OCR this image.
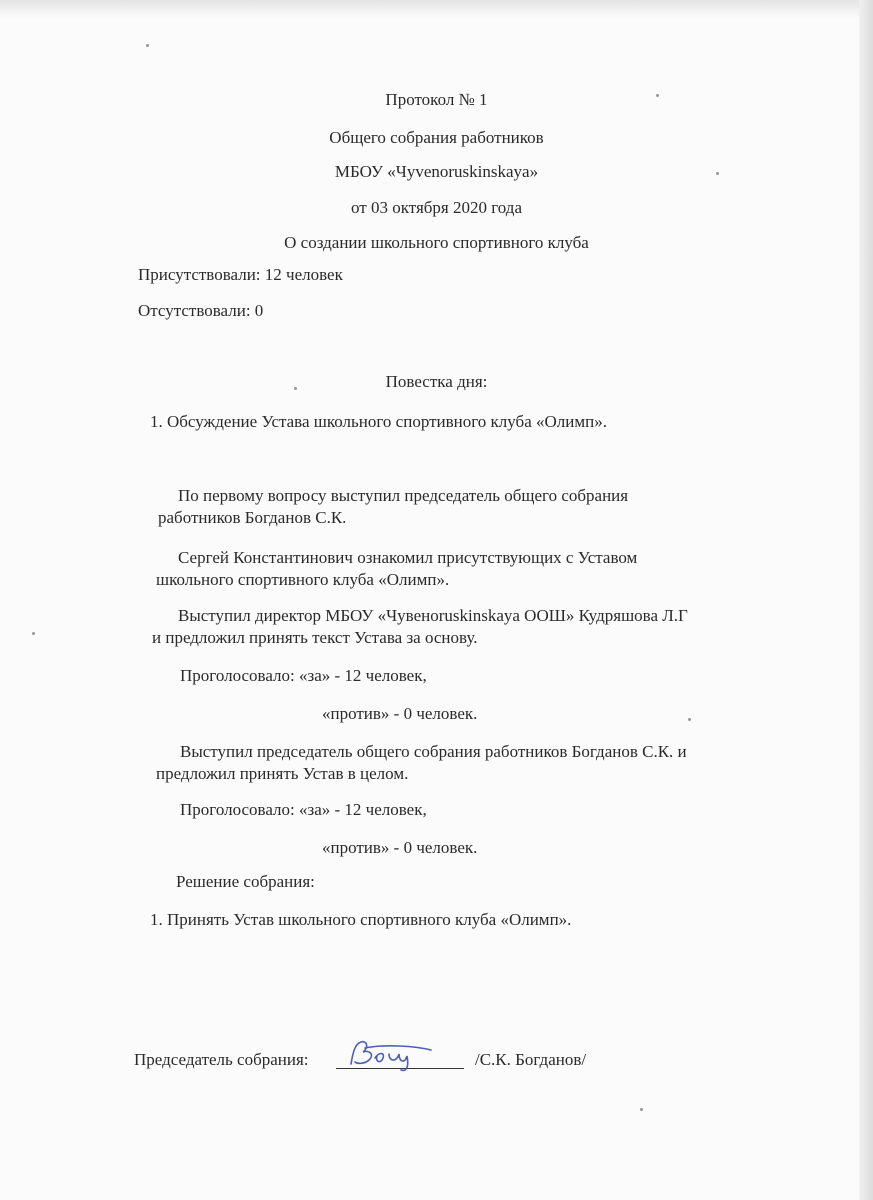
Протокол № 1
Общего собрания работников
МБОУ «Чуvenoruskinskaya»
от 03 октября 2020 года
О создании школьного спортивного клуба
Присутствовали: 12 человек
Отсутствовали: 0
Повестка дня:
1. Обсуждение Устава школьного спортивного клуба «Олимп».
По первому вопросу выступил председатель общего собрания
работников Богданов С.К.
Сергей Константинович ознакомил присутствующих с Уставом
школьного спортивного клуба «Олимп».
Выступил директор МБОУ «Чувеноruskinskaya ООШ» Кудряшова Л.Г
и предложил принять текст Устава за основу.
Проголосовало: «за» - 12 человек,
«против» - 0 человек.
Выступил председатель общего собрания работников Богданов С.К. и
предложил принять Устав в целом.
Проголосовало: «за» - 12 человек,
«против» - 0 человек.
Решение собрания:
1. Принять Устав школьного спортивного клуба «Олимп».
Председатель собрания:	/С.К. Богданов/
